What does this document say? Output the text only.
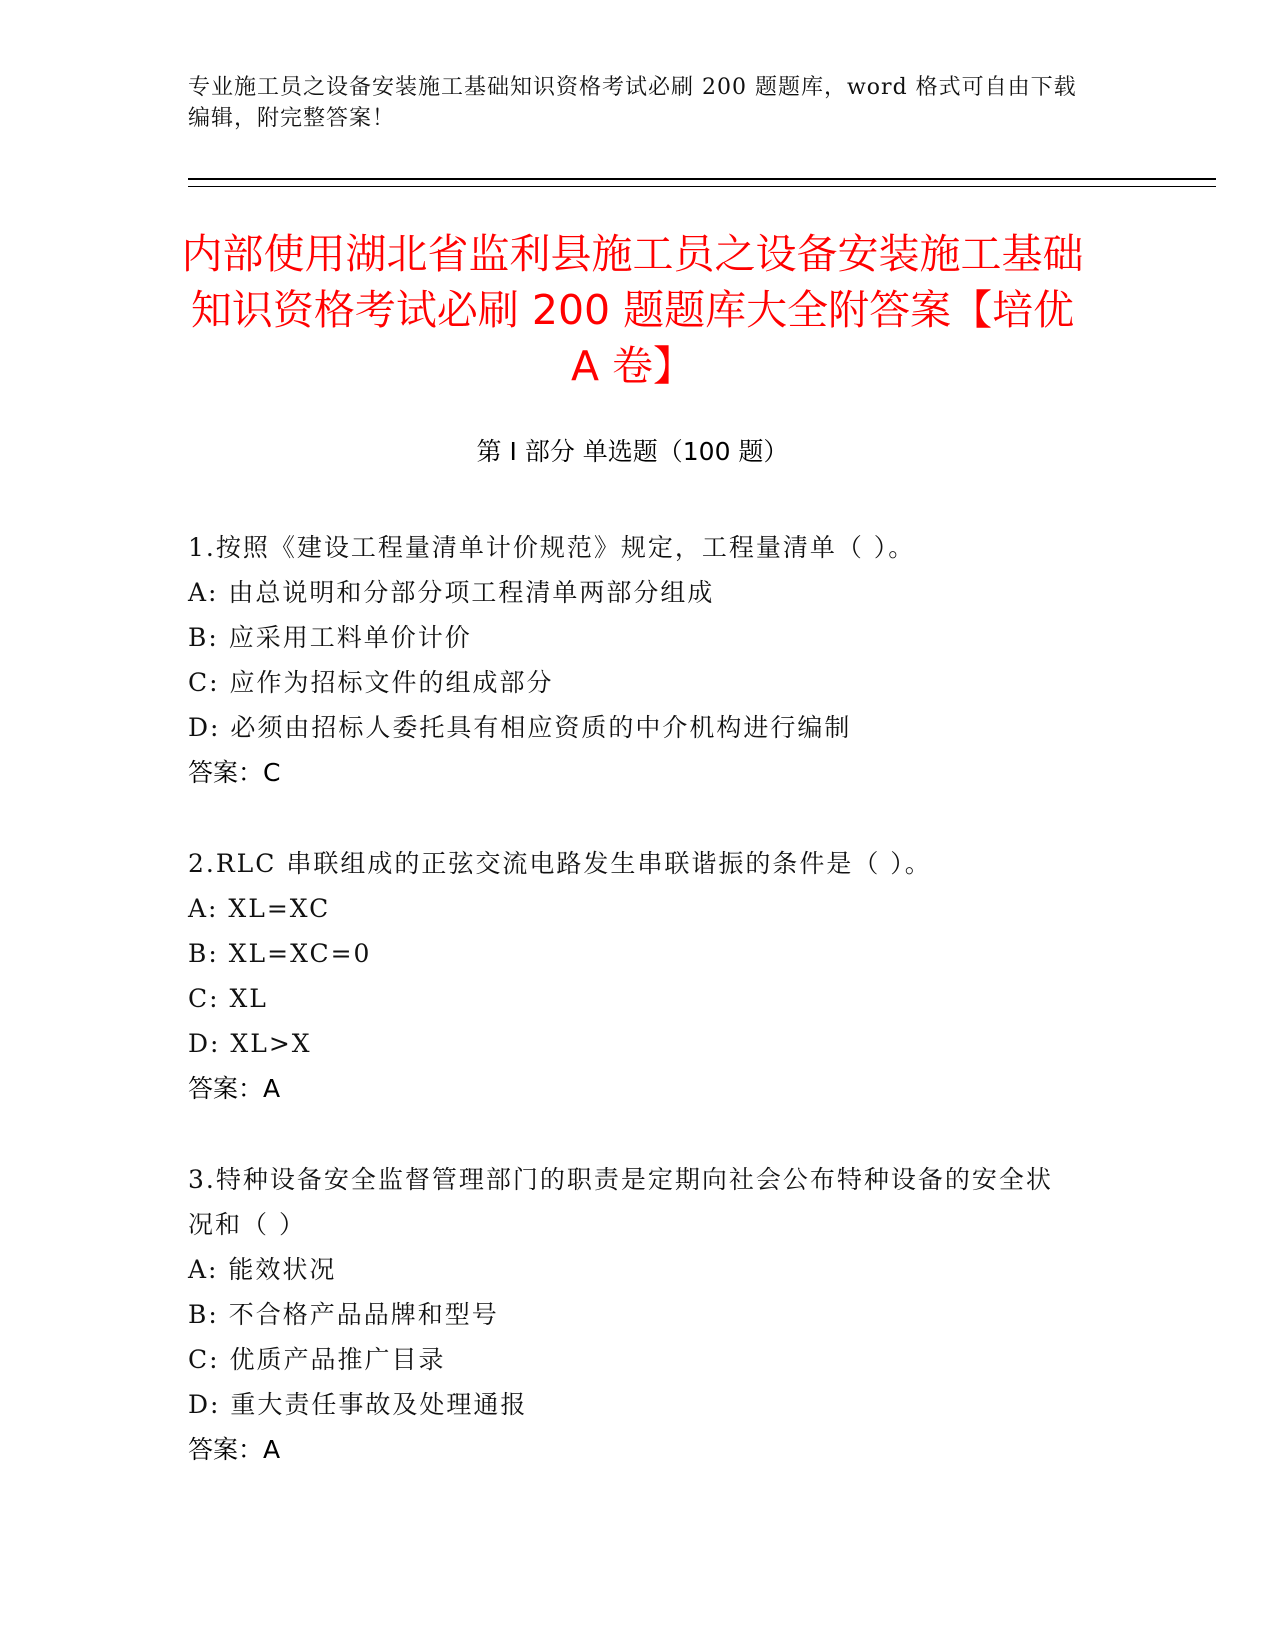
专业施工员之设备安装施工基础知识资格考试必刷 200 题题库，word 格式可自由下载编辑，附完整答案！
内部使用湖北省监利县施工员之设备安装施工基础知识资格考试必刷 200 题题库大全附答案【培优 A 卷】
第 I 部分 单选题（100 题）
1.按照《建设工程量清单计价规范》规定，工程量清单（ ）。
A: 由总说明和分部分项工程清单两部分组成
B: 应采用工料单价计价
C: 应作为招标文件的组成部分
D: 必须由招标人委托具有相应资质的中介机构进行编制
答案：C
2.RLC 串联组成的正弦交流电路发生串联谐振的条件是（ ）。
A: XL=XC
B: XL=XC=0
C: XL
D: XL>X
答案：A
3.特种设备安全监督管理部门的职责是定期向社会公布特种设备的安全状况和（ ）
A: 能效状况
B: 不合格产品品牌和型号
C: 优质产品推广目录
D: 重大责任事故及处理通报
答案：A
